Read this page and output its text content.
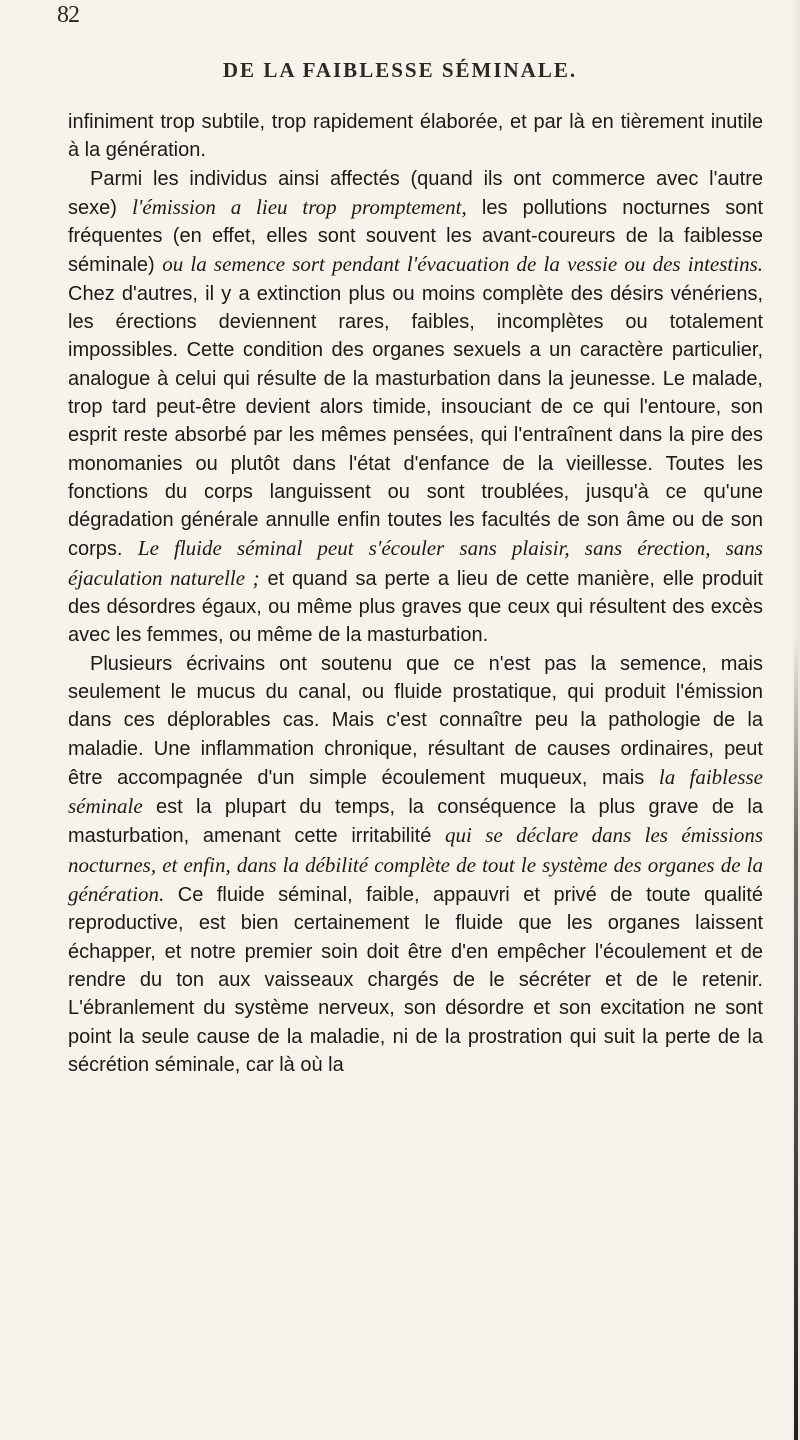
82
DE LA FAIBLESSE SÉMINALE.

infiniment trop subtile, trop rapidement élaborée, et par là en tièrement inutile à la génération.

Parmi les individus ainsi affectés (quand ils ont commerce avec l'autre sexe) l'émission a lieu trop promptement, les pollutions nocturnes sont fréquentes (en effet, elles sont souvent les avant-coureurs de la faiblesse séminale) ou la semence sort pendant l'évacuation de la vessie ou des intestins. Chez d'autres, il y a extinction plus ou moins complète des désirs vénériens, les érections deviennent rares, faibles, incomplètes ou totalement impossibles. Cette condition des organes sexuels a un caractère particulier, analogue à celui qui résulte de la masturbation dans la jeunesse. Le malade, trop tard peut-être devient alors timide, insouciant de ce qui l'entoure, son esprit reste absorbé par les mêmes pensées, qui l'entraînent dans la pire des monomanies ou plutôt dans l'état d'enfance de la vieillesse. Toutes les fonctions du corps languissent ou sont troublées, jusqu'à ce qu'une dégradation générale annulle enfin toutes les facultés de son âme ou de son corps. Le fluide séminal peut s'écouler sans plaisir, sans érection, sans éjaculation naturelle ; et quand sa perte a lieu de cette manière, elle produit des désordres égaux, ou même plus graves que ceux qui résultent des excès avec les femmes, ou même de la masturbation.

Plusieurs écrivains ont soutenu que ce n'est pas la semence, mais seulement le mucus du canal, ou fluide prostatique, qui produit l'émission dans ces déplorables cas. Mais c'est connaître peu la pathologie de la maladie. Une inflammation chronique, résultant de causes ordinaires, peut être accompagnée d'un simple écoulement muqueux, mais la faiblesse séminale est la plupart du temps, la conséquence la plus grave de la masturbation, amenant cette irritabilité qui se déclare dans les émissions nocturnes, et enfin, dans la débilité complète de tout le système des organes de la génération. Ce fluide séminal, faible, appauvri et privé de toute qualité reproductive, est bien certainement le fluide que les organes laissent échapper, et notre premier soin doit être d'en empêcher l'écoulement et de rendre du ton aux vaisseaux chargés de le sécréter et de le retenir. L'ébranlement du système nerveux, son désordre et son excitation ne sont point la seule cause de la maladie, ni de la prostration qui suit la perte de la sécrétion séminale, car là où la
